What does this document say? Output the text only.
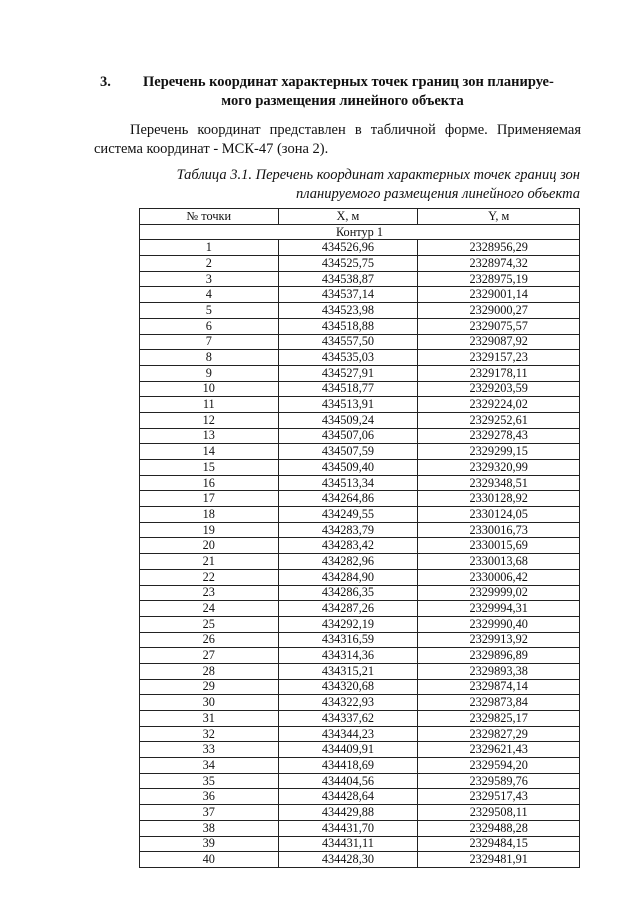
3. Перечень координат характерных точек границ зон планируе-
мого размещения линейного объекта
Перечень координат представлен в табличной форме. Применяемая
система координат - МСК-47 (зона 2).
Таблица 3.1. Перечень координат характерных точек границ зон
планируемого размещения линейного объекта
№ точки	X, м	Y, м
Контур 1		
1	434526,96	2328956,29
2	434525,75	2328974,32
3	434538,87	2328975,19
4	434537,14	2329001,14
5	434523,98	2329000,27
6	434518,88	2329075,57
7	434557,50	2329087,92
8	434535,03	2329157,23
9	434527,91	2329178,11
10	434518,77	2329203,59
11	434513,91	2329224,02
12	434509,24	2329252,61
13	434507,06	2329278,43
14	434507,59	2329299,15
15	434509,40	2329320,99
16	434513,34	2329348,51
17	434264,86	2330128,92
18	434249,55	2330124,05
19	434283,79	2330016,73
20	434283,42	2330015,69
21	434282,96	2330013,68
22	434284,90	2330006,42
23	434286,35	2329999,02
24	434287,26	2329994,31
25	434292,19	2329990,40
26	434316,59	2329913,92
27	434314,36	2329896,89
28	434315,21	2329893,38
29	434320,68	2329874,14
30	434322,93	2329873,84
31	434337,62	2329825,17
32	434344,23	2329827,29
33	434409,91	2329621,43
34	434418,69	2329594,20
35	434404,56	2329589,76
36	434428,64	2329517,43
37	434429,88	2329508,11
38	434431,70	2329488,28
39	434431,11	2329484,15
40	434428,30	2329481,91
